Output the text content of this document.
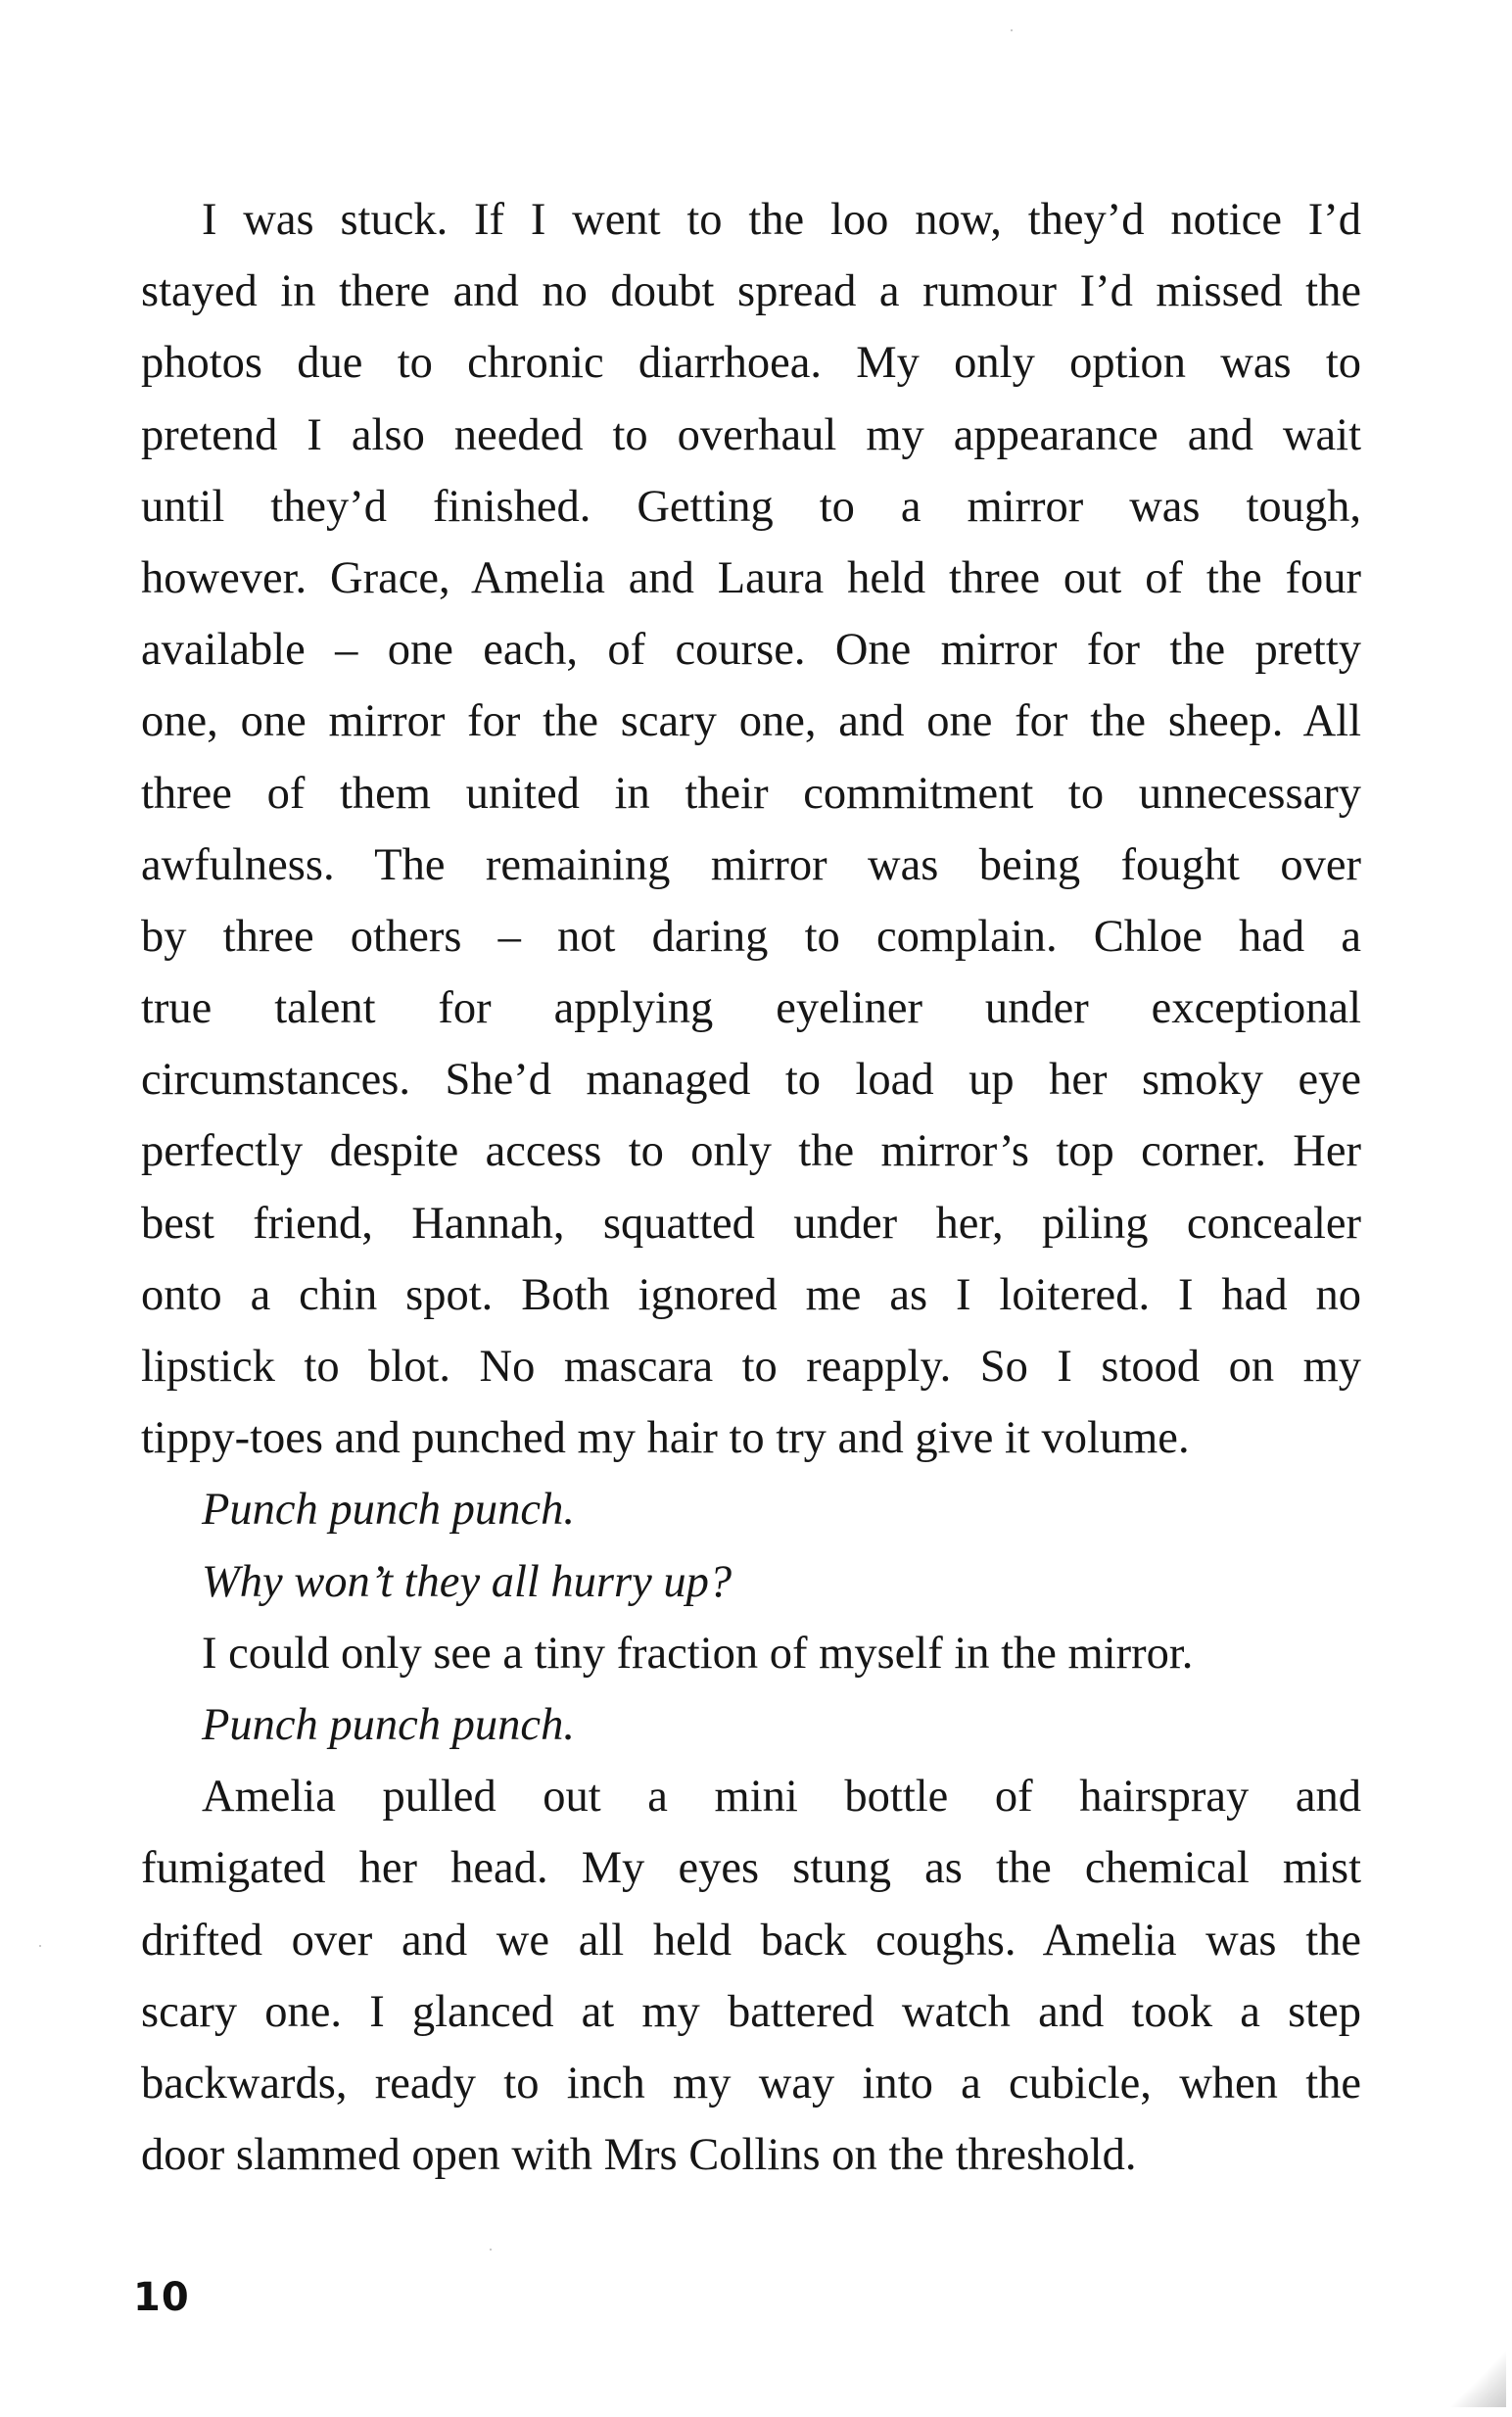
I was stuck. If I went to the loo now, they’d notice I’d
stayed in there and no doubt spread a rumour I’d missed the
photos due to chronic diarrhoea. My only option was to
pretend I also needed to overhaul my appearance and wait
until they’d finished. Getting to a mirror was tough,
however. Grace, Amelia and Laura held three out of the four
available – one each, of course. One mirror for the pretty
one, one mirror for the scary one, and one for the sheep. All
three of them united in their commitment to unnecessary
awfulness. The remaining mirror was being fought over
by three others – not daring to complain. Chloe had a
true talent for applying eyeliner under exceptional
circumstances. She’d managed to load up her smoky eye
perfectly despite access to only the mirror’s top corner. Her
best friend, Hannah, squatted under her, piling concealer
onto a chin spot. Both ignored me as I loitered. I had no
lipstick to blot. No mascara to reapply. So I stood on my
tippy-toes and punched my hair to try and give it volume.
Punch punch punch.
Why won’t they all hurry up?
I could only see a tiny fraction of myself in the mirror.
Punch punch punch.
Amelia pulled out a mini bottle of hairspray and
fumigated her head. My eyes stung as the chemical mist
drifted over and we all held back coughs. Amelia was the
scary one. I glanced at my battered watch and took a step
backwards, ready to inch my way into a cubicle, when the
door slammed open with Mrs Collins on the threshold.
10
